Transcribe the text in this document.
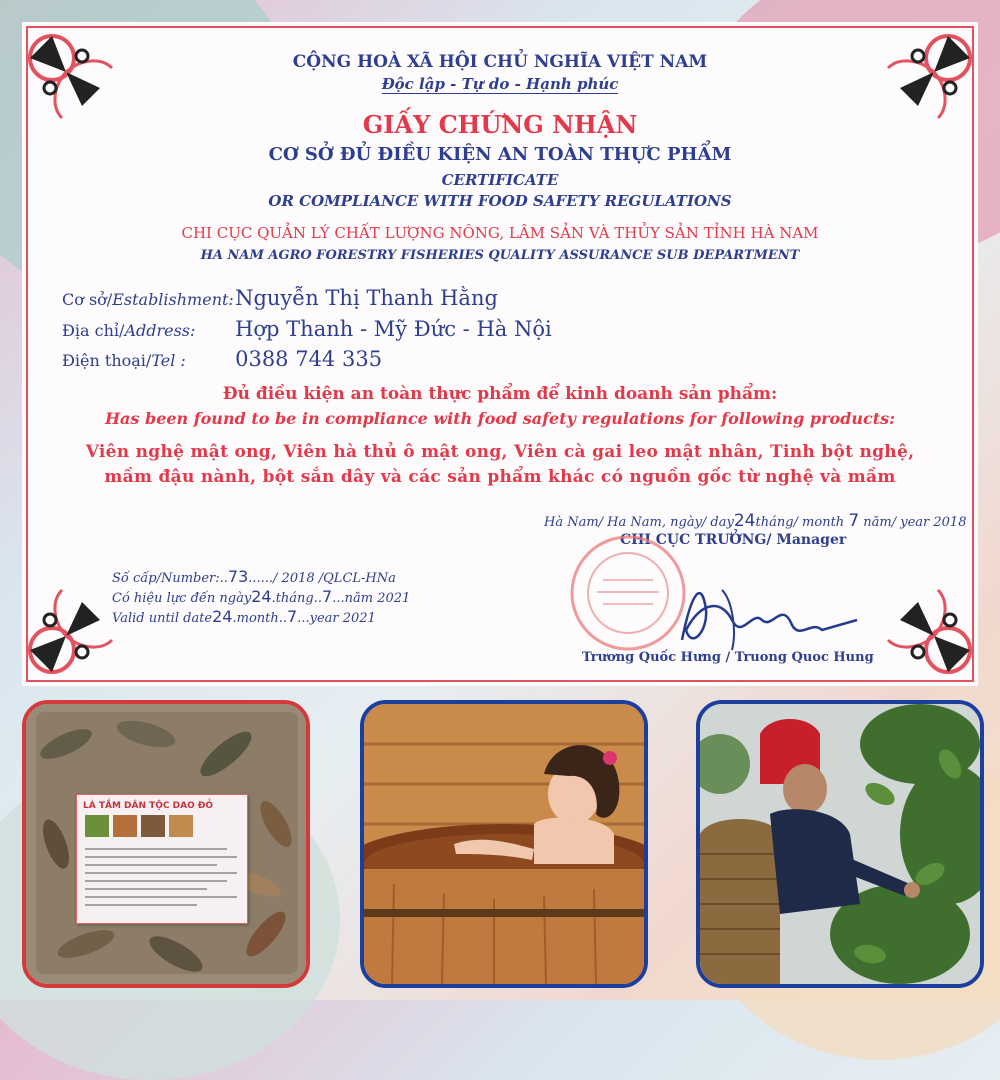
CỘNG HOÀ XÃ HỘI CHỦ NGHĨA VIỆT NAM
Độc lập - Tự do - Hạnh phúc
GIẤY CHỨNG NHẬN
CƠ SỞ ĐỦ ĐIỀU KIỆN AN TOÀN THỰC PHẨM
CERTIFICATE
OR COMPLIANCE WITH FOOD SAFETY REGULATIONS
CHI CỤC QUẢN LÝ CHẤT LƯỢNG NÔNG, LÂM SẢN VÀ THỦY SẢN TỈNH HÀ NAM
HA NAM AGRO FORESTRY FISHERIES QUALITY ASSURANCE SUB DEPARTMENT
Cơ sở/Establishment: Nguyễn Thị Thanh Hằng
Địa chỉ/Address: Hợp Thanh - Mỹ Đức - Hà Nội
Điện thoại/Tel : 0388 744 335
Đủ điều kiện an toàn thực phẩm để kinh doanh sản phẩm:
Has been found to be in compliance with food safety regulations for following products:
Viên nghệ mật ong, Viên hà thủ ô mật ong, Viên cà gai leo mật nhân, Tinh bột nghệ,
mầm đậu nành, bột sắn dây và các sản phẩm khác có nguồn gốc từ nghệ và mầm
Hà Nam/ Ha Nam, ngày/ day24tháng/ month 7 năm/ year 2018
CHI CỤC TRƯỞNG/ Manager
Số cấp/Number:..73....../ 2018 /QLCL-HNa
Có hiệu lực đến ngày24.tháng..7...năm 2021
Valid until date24.month..7...year 2021
Trương Quốc Hưng / Truong Quoc Hung
LÁ TẮM DÂN TỘC DAO ĐỎ
